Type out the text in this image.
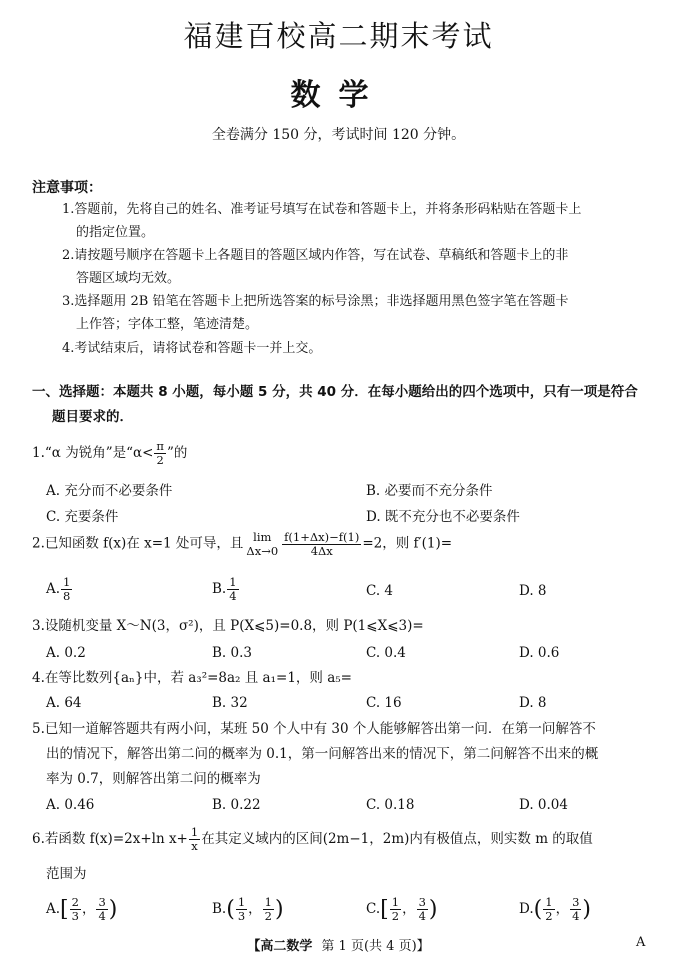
福建百校高二期末考试
数学
全卷满分 150 分，考试时间 120 分钟。
注意事项：
1.答题前，先将自己的姓名、准考证号填写在试卷和答题卡上，并将条形码粘贴在答题卡上
的指定位置。
2.请按题号顺序在答题卡上各题目的答题区域内作答，写在试卷、草稿纸和答题卡上的非
答题区域均无效。
3.选择题用 2B 铅笔在答题卡上把所选答案的标号涂黑；非选择题用黑色签字笔在答题卡
上作答；字体工整，笔迹清楚。
4.考试结束后，请将试卷和答题卡一并上交。
一、选择题：本题共 8 小题，每小题 5 分，共 40 分．在每小题给出的四个选项中，只有一项是符合
题目要求的．
1.“α 为锐角”是“$\alpha< \frac{\pi}{2}$ ”的
A. 充分而不必要条件	B. 必要而不充分条件
C. 充要条件	D. 既不充分也不必要条件
2.已知函数 f(x)在 x=1 处可导，且 lim
$\Delta x\to 0 \frac{f(1+\Delta x)-f(1)}{4\Delta x} =2$，则 f′(1)=
A. $\frac{1}{8}$	B. $\frac{1}{4}$	C. 4	D. 8
3.设随机变量 X～N(3，σ²)，且 P(X⩽5)=0.8，则 P(1⩽X⩽3)=
A. 0.2	B. 0.3	C. 0.4	D. 0.6
4.在等比数列{aₙ}中，若 a₃²=8a₂ 且 a₁=1，则 a₅=
A. 64	B. 32	C. 16	D. 8
5.已知一道解答题共有两小问，某班 50 个人中有 30 个人能够解答出第一问．在第一问解答不
出的情况下，解答出第二问的概率为 0.1，第一问解答出来的情况下，第二问解答不出来的概
率为 0.7，则解答出第二问的概率为
A. 0.46	B. 0.22	C. 0.18	D. 0.04
6.若函数 f(x)=2x+ln $x+ \frac{1}{x}$ 在其定义域内的区间(2m−1，2m)内有极值点，则实数 m 的取值
范围为
$A.[ \frac{2}{3}$ ， $\frac{3}{4}$ )	$B.( \frac{1}{3}$ ， $\frac{1}{2}$ )	$C.[ \frac{1}{2}$ ， $\frac{3}{4}$ )	$D.( \frac{1}{2}$ ， $\frac{3}{4}$ )
【高二数学 第 1 页(共 4 页)】	A
